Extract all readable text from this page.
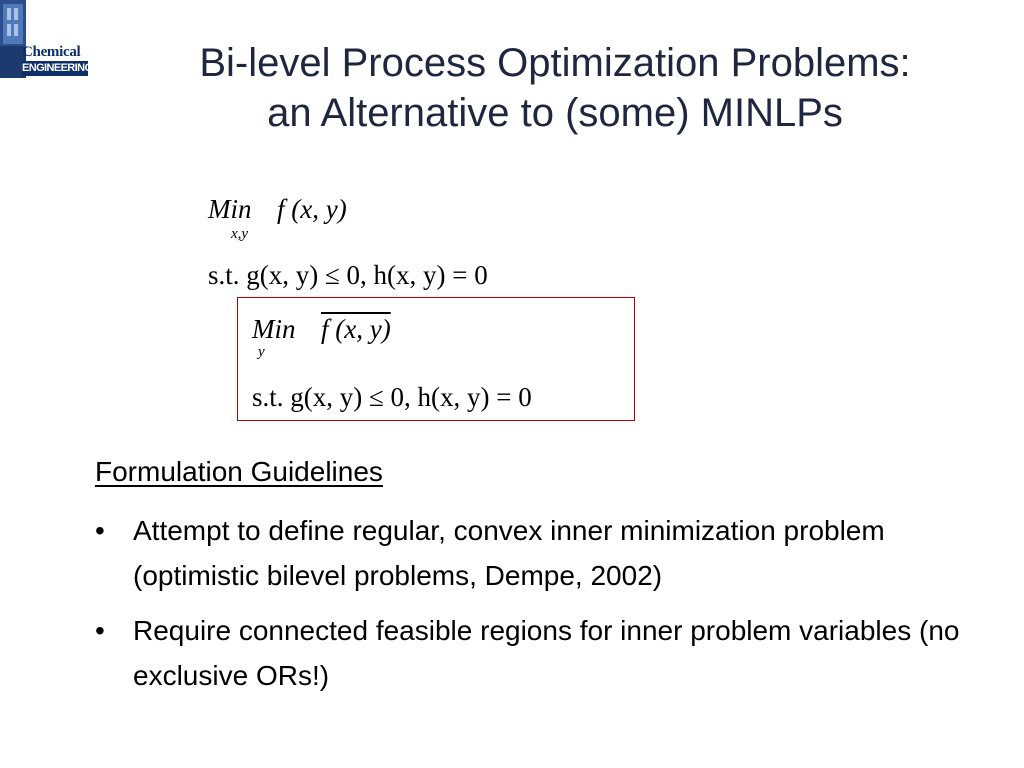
Chemical
ENGINEERING	Bi-level Process Optimization Problems:
an Alternative to (some) MINLPs
Min f (x, y)
x,y
s.t. g(x, y) ≤ 0, h(x, y) = 0
Min f (x, y)
y
s.t. g(x, y) ≤ 0, h(x, y) = 0
Formulation Guidelines
• Attempt to define regular, convex inner minimization problem (optimistic bilevel problems, Dempe, 2002)
• Require connected feasible regions for inner problem variables (no exclusive ORs!)
